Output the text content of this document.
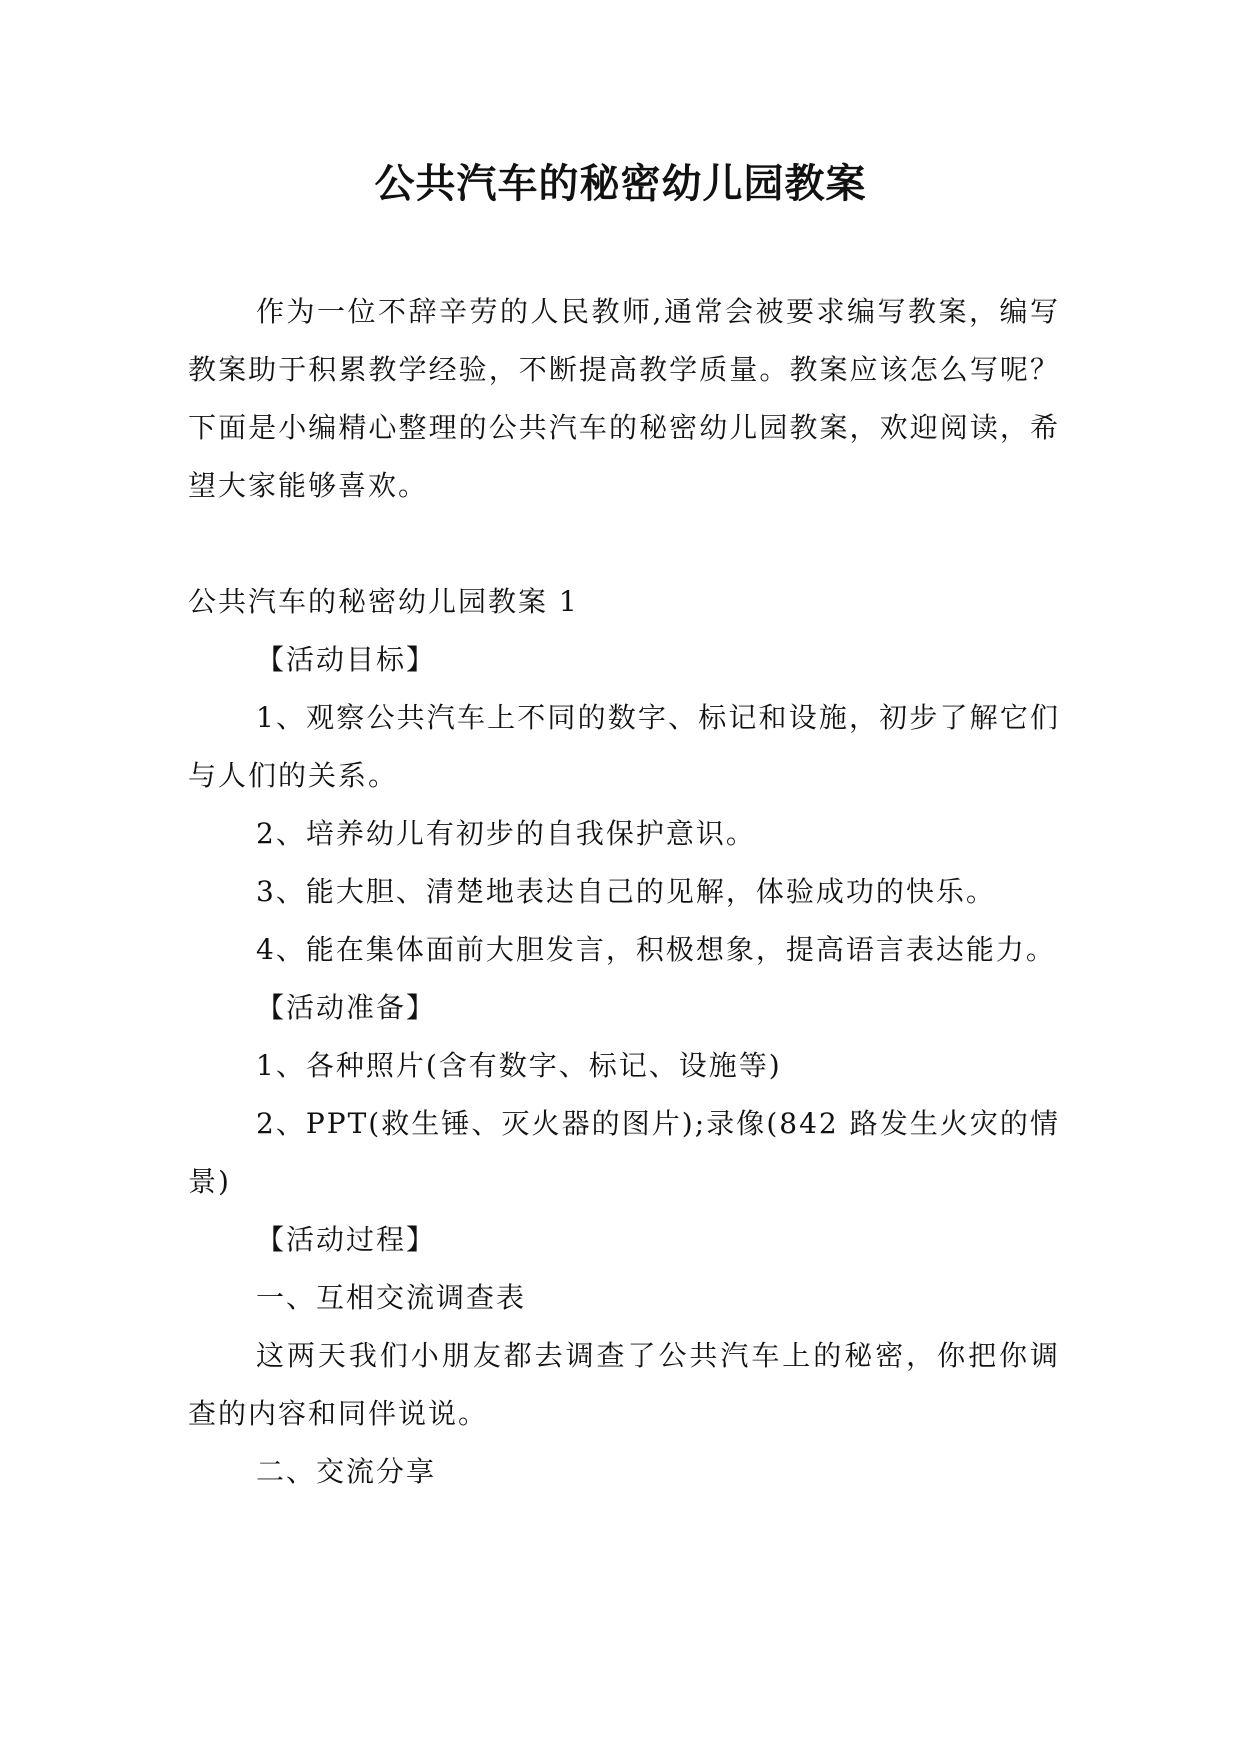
公共汽车的秘密幼儿园教案

作为一位不辞辛劳的人民教师,通常会被要求编写教案，编写教案助于积累教学经验，不断提高教学质量。教案应该怎么写呢？下面是小编精心整理的公共汽车的秘密幼儿园教案，欢迎阅读，希望大家能够喜欢。

公共汽车的秘密幼儿园教案 1

【活动目标】

1、观察公共汽车上不同的数字、标记和设施，初步了解它们与人们的关系。

2、培养幼儿有初步的自我保护意识。

3、能大胆、清楚地表达自己的见解，体验成功的快乐。

4、能在集体面前大胆发言，积极想象，提高语言表达能力。

【活动准备】

1、各种照片(含有数字、标记、设施等)

2、PPT(救生锤、灭火器的图片);录像(842 路发生火灾的情景)

【活动过程】

一、互相交流调查表

这两天我们小朋友都去调查了公共汽车上的秘密，你把你调查的内容和同伴说说。

二、交流分享
